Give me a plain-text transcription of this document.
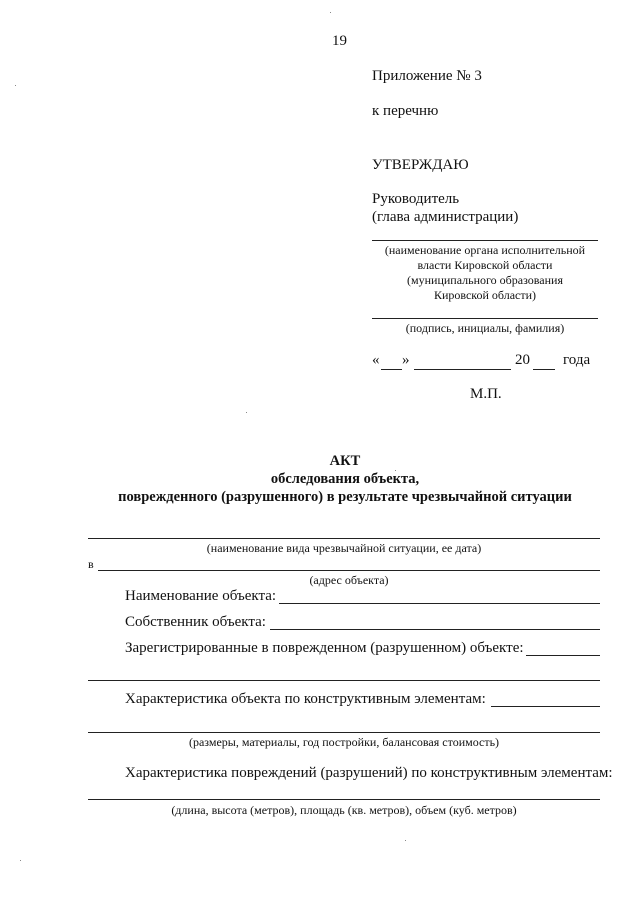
19
Приложение № 3
к перечню
УТВЕРЖДАЮ
Руководитель
(глава администрации)
(наименование органа исполнительной
власти Кировской области
(муниципального образования
Кировской области)
(подпись, инициалы, фамилия)
« »	20 года
М.П.
АКТ
обследования объекта,
поврежденного (разрушенного) в результате чрезвычайной ситуации
(наименование вида чрезвычайной ситуации, ее дата)
в
(адрес объекта)
Наименование объекта:
Собственник объекта:
Зарегистрированные в поврежденном (разрушенном) объекте:
Характеристика объекта по конструктивным элементам:
(размеры, материалы, год постройки, балансовая стоимость)
Характеристика повреждений (разрушений) по конструктивным элементам:
(длина, высота (метров), площадь (кв. метров), объем (куб. метров)
